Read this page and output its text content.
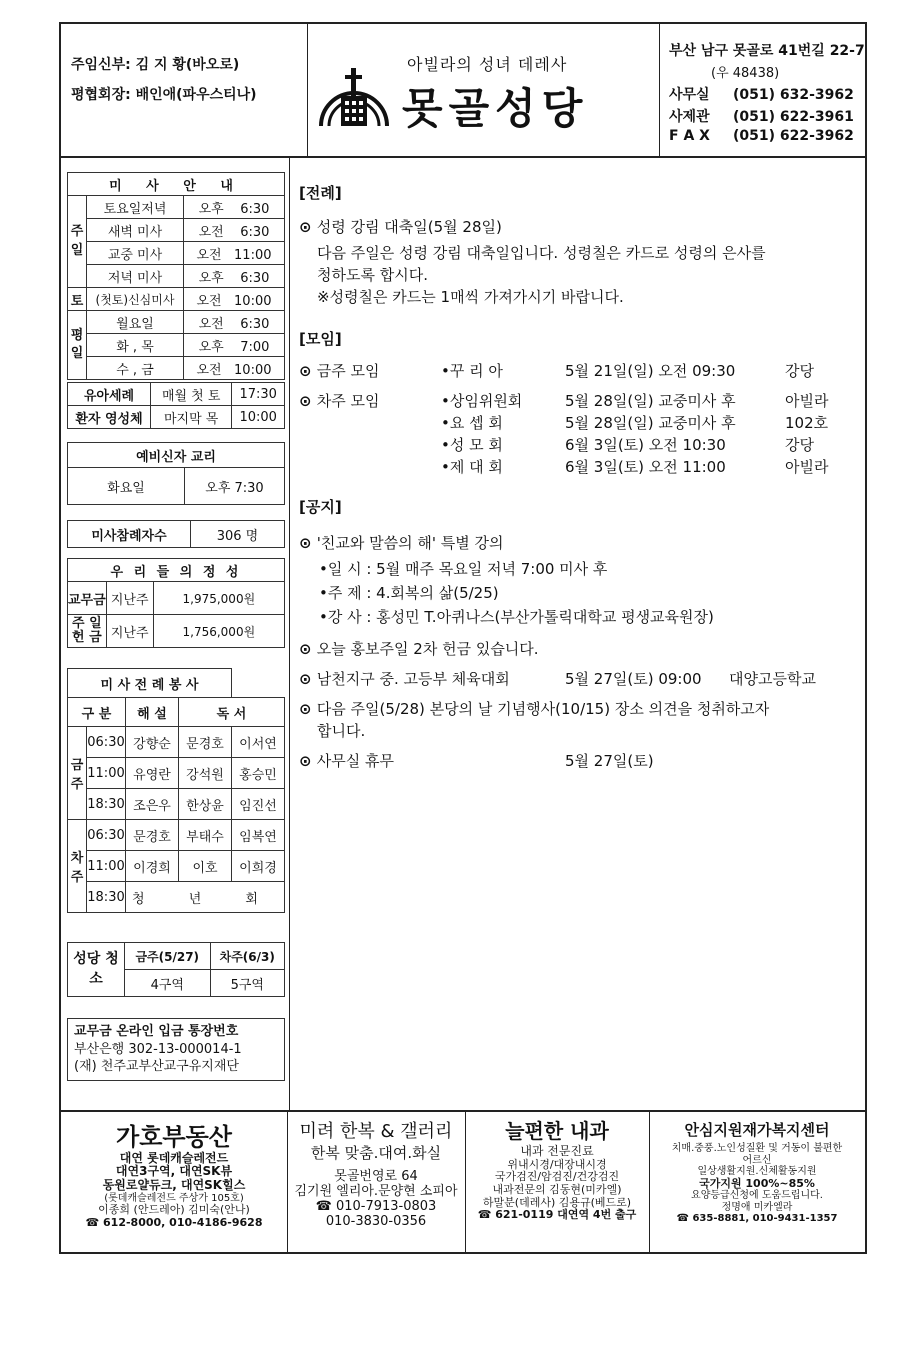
주임신부: 김 지 황(바오로)
평협회장: 배인애(파우스티나)
아빌라의 성녀 데레사
못골성당
부산 남구 못골로 41번길 22-7
(우 48438)
사무실 (051) 632-3962
사제관 (051) 622-3961
F A X (051) 622-3962
미 사 안 내		
주일	토요일저녁	오후 6:30
	새벽 미사	오전 6:30
	교중 미사	오전 11:00
	저녁 미사	오후 6:30
토	(첫토)신심미사	오전 10:00
평일	월요일	오전 6:30
	화 , 목	오후 7:00
	수 , 금	오전 10:00
유아세례	매월 첫 토	17:30
환자 영성체	마지막 목	10:00
예비신자 교리
화요일	오후 7:30
미사참례자수	306 명
우 리 들 의 정 성		
교무금	지난주	1,975,000원
주 일 헌 금	지난주	1,756,000원
미 사 전 례 봉 사				
구 분		해 설	독 서	
금주	06:30	강향순	문경호	이서연
	11:00	유영란	강석원	홍승민
	18:30	조은우	한상윤	임진선
차주	06:30	문경호	부태수	임복연
	11:00	이경희	이호	이희경
	18:30	청 년 회		
성당 청소	금주(5/27)	차주(6/3)
	4구역	5구역
교무금 온라인 입금 통장번호
부산은행 302-13-000014-1
(재) 천주교부산교구유지재단
[전례]
⊙ 성령 강림 대축일(5월 28일)
다음 주일은 성령 강림 대축일입니다. 성령칠은 카드로 성령의 은사를
청하도록 합시다.
※성령칠은 카드는 1매씩 가져가시기 바랍니다.
[모임]
⊙ 금주 모임	•꾸 리 아	5월 21일(일) 오전 09:30	강당
⊙ 차주 모임	•상임위원회	5월 28일(일) 교중미사 후	아빌라
•요 셉 회	5월 28일(일) 교중미사 후	102호
•성 모 회	6월 3일(토) 오전 10:30	강당
•제 대 회	6월 3일(토) 오전 11:00	아빌라
[공지]
⊙ '친교와 말씀의 해' 특별 강의
•일 시 : 5월 매주 목요일 저녁 7:00 미사 후
•주 제 : 4.회복의 삶(5/25)
•강 사 : 홍성민 T.아퀴나스(부산가톨릭대학교 평생교육원장)
⊙ 오늘 홍보주일 2차 헌금 있습니다.
⊙ 남천지구 중. 고등부 체육대회	5월 27일(토) 09:00 대양고등학교
⊙ 다음 주일(5/28) 본당의 날 기념행사(10/15) 장소 의견을 청취하고자
합니다.
⊙ 사무실 휴무	5월 27일(토)
가호부동산
대연 롯데캐슬레전드
대연3구역, 대연SK뷰
동원로얄듀크, 대연SK힐스
(롯데캐슬레전드 주상가 105호)
이종희 (안드레아) 김미숙(안나)
☎ 612-8000, 010-4186-9628
미려 한복 & 갤러리
한복 맞춤.대여.화실
못골번영로 64
김기원 엘리아.문양현 소피아
☎ 010-7913-0803
010-3830-0356
늘편한 내과
내과 전문진료
위내시경/대장내시경
국가검진/암검진/건강검진
내과전문의 김동현(미카엘)
하말분(데레사) 김용규(베드로)
☎ 621-0119 대연역 4번 출구
안심지원재가복지센터
치매.중풍.노인성질환 및 거동이 불편한
어르신
일상생활지원.신체활동지원
국가지원 100%~85%
요양등급신청에 도움드립니다.
정명애 미카엘라
☎ 635-8881, 010-9431-1357
